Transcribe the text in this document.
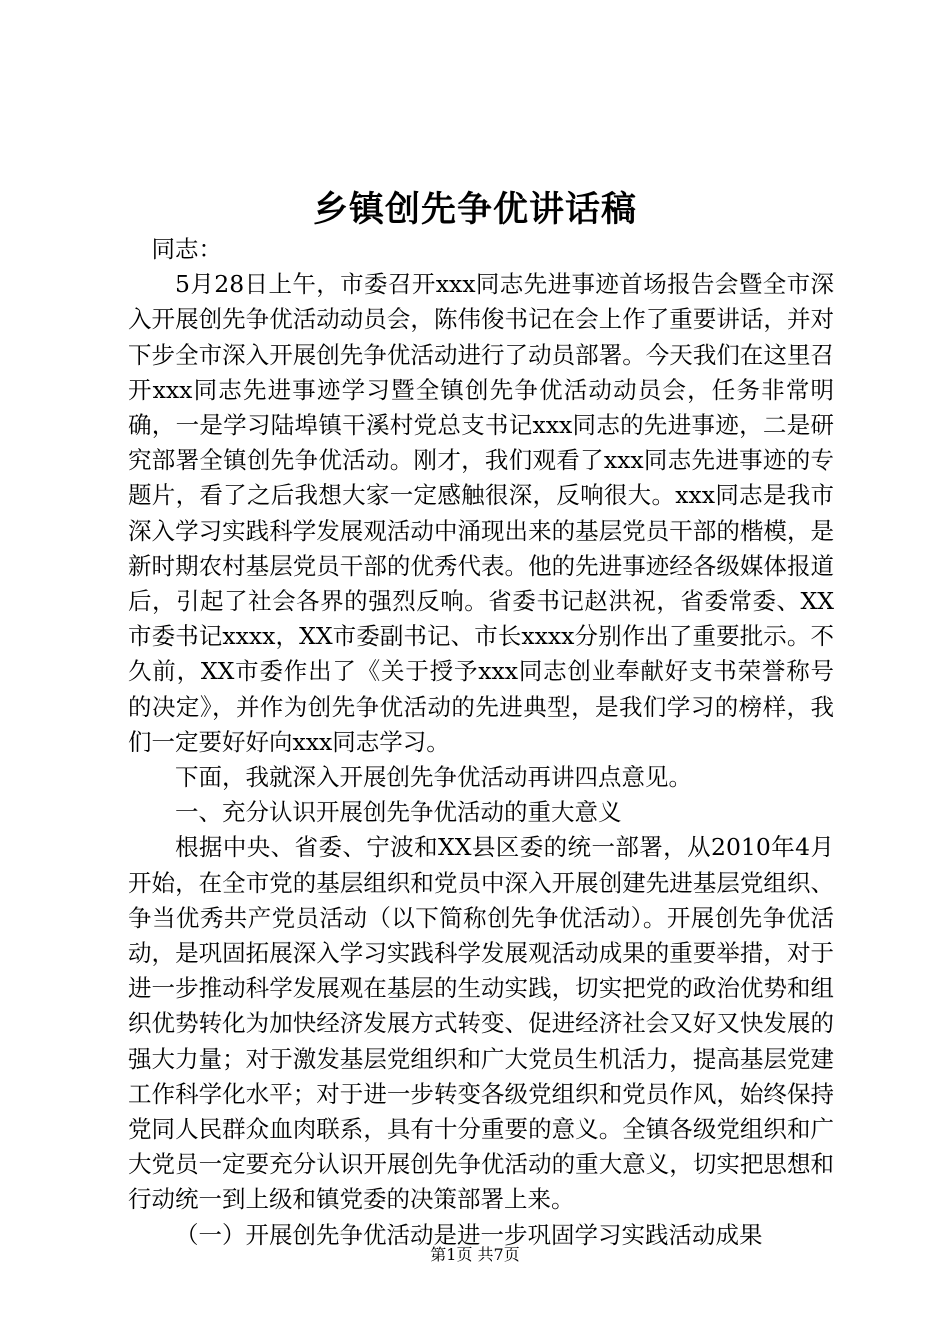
乡镇创先争优讲话稿

同志：

5月28日上午，市委召开xxx同志先进事迹首场报告会暨全市深入开展创先争优活动动员会，陈伟俊书记在会上作了重要讲话，并对下步全市深入开展创先争优活动进行了动员部署。今天我们在这里召开xxx同志先进事迹学习暨全镇创先争优活动动员会，任务非常明确，一是学习陆埠镇干溪村党总支书记xxx同志的先进事迹，二是研究部署全镇创先争优活动。刚才，我们观看了xxx同志先进事迹的专题片，看了之后我想大家一定感触很深，反响很大。xxx同志是我市深入学习实践科学发展观活动中涌现出来的基层党员干部的楷模，是新时期农村基层党员干部的优秀代表。他的先进事迹经各级媒体报道后，引起了社会各界的强烈反响。省委书记赵洪祝，省委常委、XX市委书记xxxx，XX市委副书记、市长xxxx分别作出了重要批示。不久前，XX市委作出了《关于授予xxx同志创业奉献好支书荣誉称号的决定》，并作为创先争优活动的先进典型，是我们学习的榜样，我们一定要好好向xxx同志学习。

下面，我就深入开展创先争优活动再讲四点意见。

一、充分认识开展创先争优活动的重大意义

根据中央、省委、宁波和XX县区委的统一部署，从2010年4月开始，在全市党的基层组织和党员中深入开展创建先进基层党组织、争当优秀共产党员活动（以下简称创先争优活动）。开展创先争优活动，是巩固拓展深入学习实践科学发展观活动成果的重要举措，对于进一步推动科学发展观在基层的生动实践，切实把党的政治优势和组织优势转化为加快经济发展方式转变、促进经济社会又好又快发展的强大力量；对于激发基层党组织和广大党员生机活力，提高基层党建工作科学化水平；对于进一步转变各级党组织和党员作风，始终保持党同人民群众血肉联系，具有十分重要的意义。全镇各级党组织和广大党员一定要充分认识开展创先争优活动的重大意义，切实把思想和行动统一到上级和镇党委的决策部署上来。

（一）开展创先争优活动是进一步巩固学习实践活动成果

第1页 共7页
